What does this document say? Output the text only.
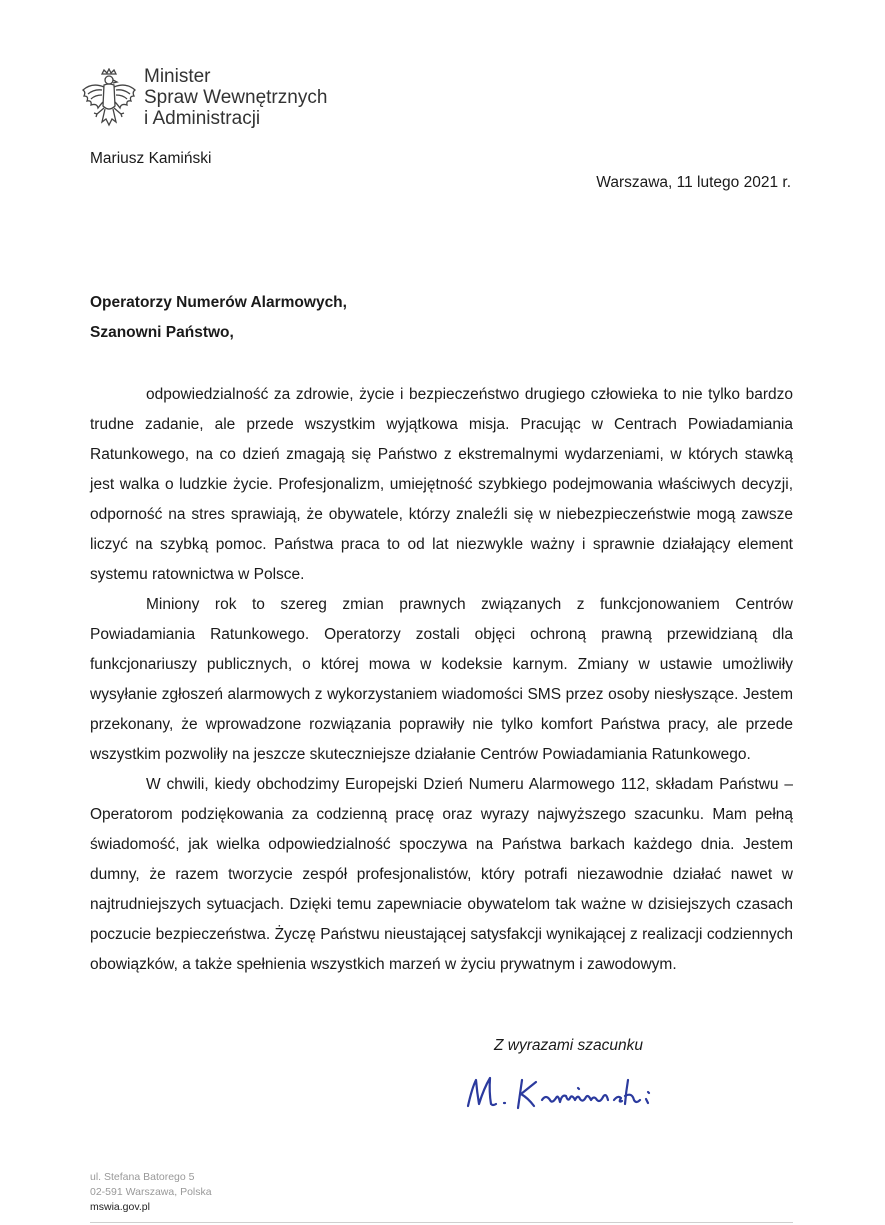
Minister
Spraw Wewnętrznych
i Administracji
Mariusz Kamiński
Warszawa, 11 lutego 2021 r.
Operatorzy Numerów Alarmowych,
Szanowni Państwo,

odpowiedzialność za zdrowie, życie i bezpieczeństwo drugiego człowieka to nie tylko bardzo trudne zadanie, ale przede wszystkim wyjątkowa misja. Pracując w Centrach Powiadamiania Ratunkowego, na co dzień zmagają się Państwo z ekstremalnymi wydarzeniami, w których stawką jest walka o ludzkie życie. Profesjonalizm, umiejętność szybkiego podejmowania właściwych decyzji, odporność na stres sprawiają, że obywatele, którzy znaleźli się w niebezpieczeństwie mogą zawsze liczyć na szybką pomoc. Państwa praca to od lat niezwykle ważny i sprawnie działający element systemu ratownictwa w Polsce.

Miniony rok to szereg zmian prawnych związanych z funkcjonowaniem Centrów Powiadamiania Ratunkowego. Operatorzy zostali objęci ochroną prawną przewidzianą dla funkcjonariuszy publicznych, o której mowa w kodeksie karnym. Zmiany w ustawie umożliwiły wysyłanie zgłoszeń alarmowych z wykorzystaniem wiadomości SMS przez osoby niesłyszące. Jestem przekonany, że wprowadzone rozwiązania poprawiły nie tylko komfort Państwa pracy, ale przede wszystkim pozwoliły na jeszcze skuteczniejsze działanie Centrów Powiadamiania Ratunkowego.

W chwili, kiedy obchodzimy Europejski Dzień Numeru Alarmowego 112, składam Państwu – Operatorom podziękowania za codzienną pracę oraz wyrazy najwyższego szacunku. Mam pełną świadomość, jak wielka odpowiedzialność spoczywa na Państwa barkach każdego dnia. Jestem dumny, że razem tworzycie zespół profesjonalistów, który potrafi niezawodnie działać nawet w najtrudniejszych sytuacjach. Dzięki temu zapewniacie obywatelom tak ważne w dzisiejszych czasach poczucie bezpieczeństwa. Życzę Państwu nieustającej satysfakcji wynikającej z realizacji codziennych obowiązków, a także spełnienia wszystkich marzeń w życiu prywatnym i zawodowym.

Z wyrazami szacunku
ul. Stefana Batorego 5
02-591 Warszawa, Polska
mswia.gov.pl
